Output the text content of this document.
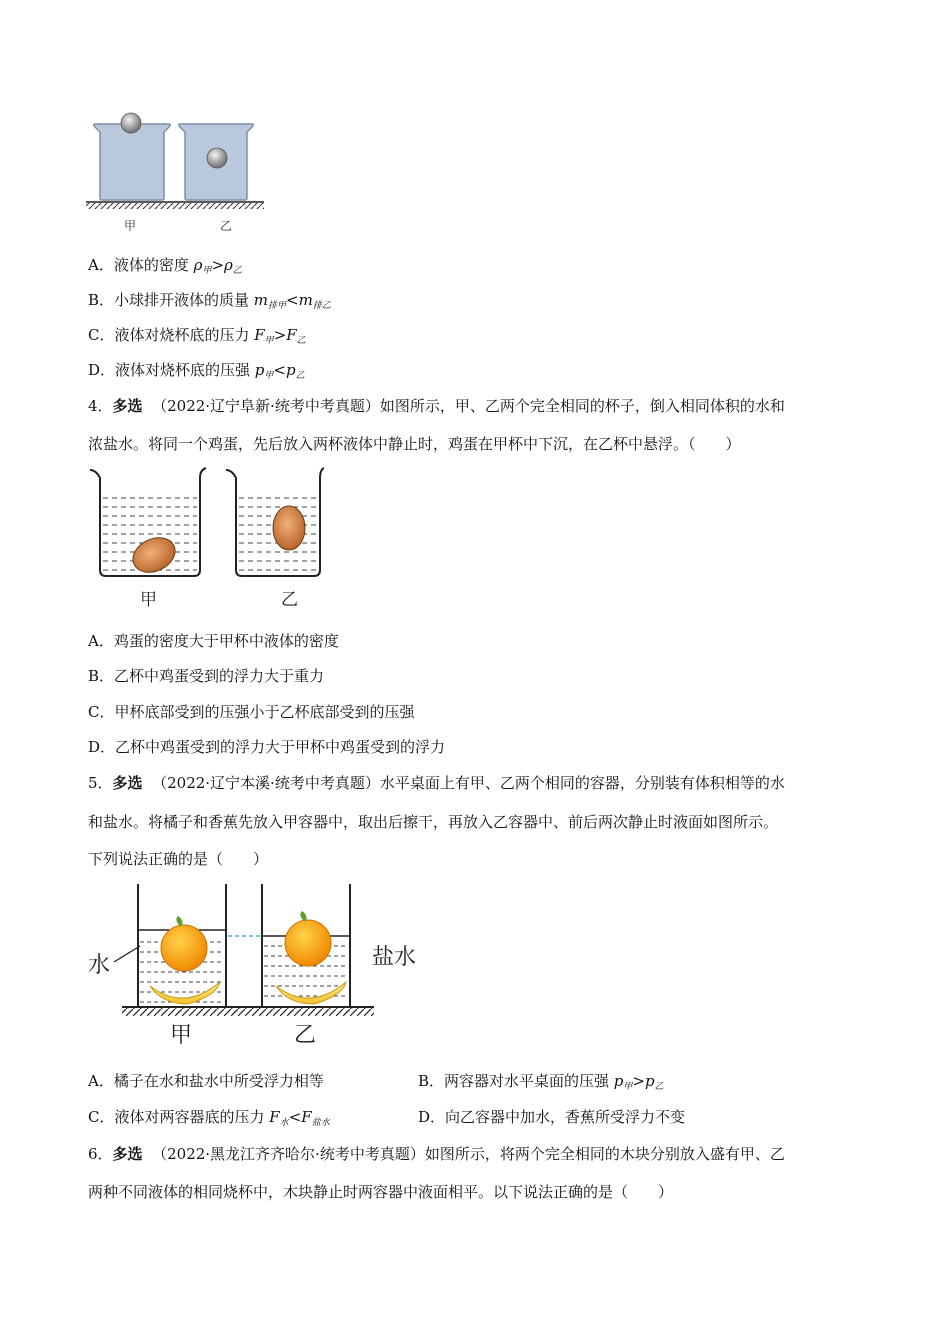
甲	乙
A．液体的密度 $\rho_甲>\rho_乙$
B．小球排开液体的质量 $m_{排甲}<m_{排乙}$
C．液体对烧杯底的压力 $F_甲>F_乙$
D．液体对烧杯底的压强 $p_甲<p_乙$
4．多选 （2022·辽宁阜新·统考中考真题）如图所示，甲、乙两个完全相同的杯子，倒入相同体积的水和
浓盐水。将同一个鸡蛋，先后放入两杯液体中静止时，鸡蛋在甲杯中下沉，在乙杯中悬浮。（　　）
甲	乙
A．鸡蛋的密度大于甲杯中液体的密度
B．乙杯中鸡蛋受到的浮力大于重力
C．甲杯底部受到的压强小于乙杯底部受到的压强
D．乙杯中鸡蛋受到的浮力大于甲杯中鸡蛋受到的浮力
5．多选 （2022·辽宁本溪·统考中考真题）水平桌面上有甲、乙两个相同的容器，分别装有体积相等的水
和盐水。将橘子和香蕉先放入甲容器中，取出后擦干，再放入乙容器中、前后两次静止时液面如图所示。
下列说法正确的是（　　）
水	盐水
甲	乙
A．橘子在水和盐水中所受浮力相等	B．两容器对水平桌面的压强 $p_甲>p_乙$
C．液体对两容器底的压力 $F_水<F_{盐水}$	D．向乙容器中加水，香蕉所受浮力不变
6．多选 （2022·黑龙江齐齐哈尔·统考中考真题）如图所示，将两个完全相同的木块分别放入盛有甲、乙
两种不同液体的相同烧杯中，木块静止时两容器中液面相平。以下说法正确的是（　　）
